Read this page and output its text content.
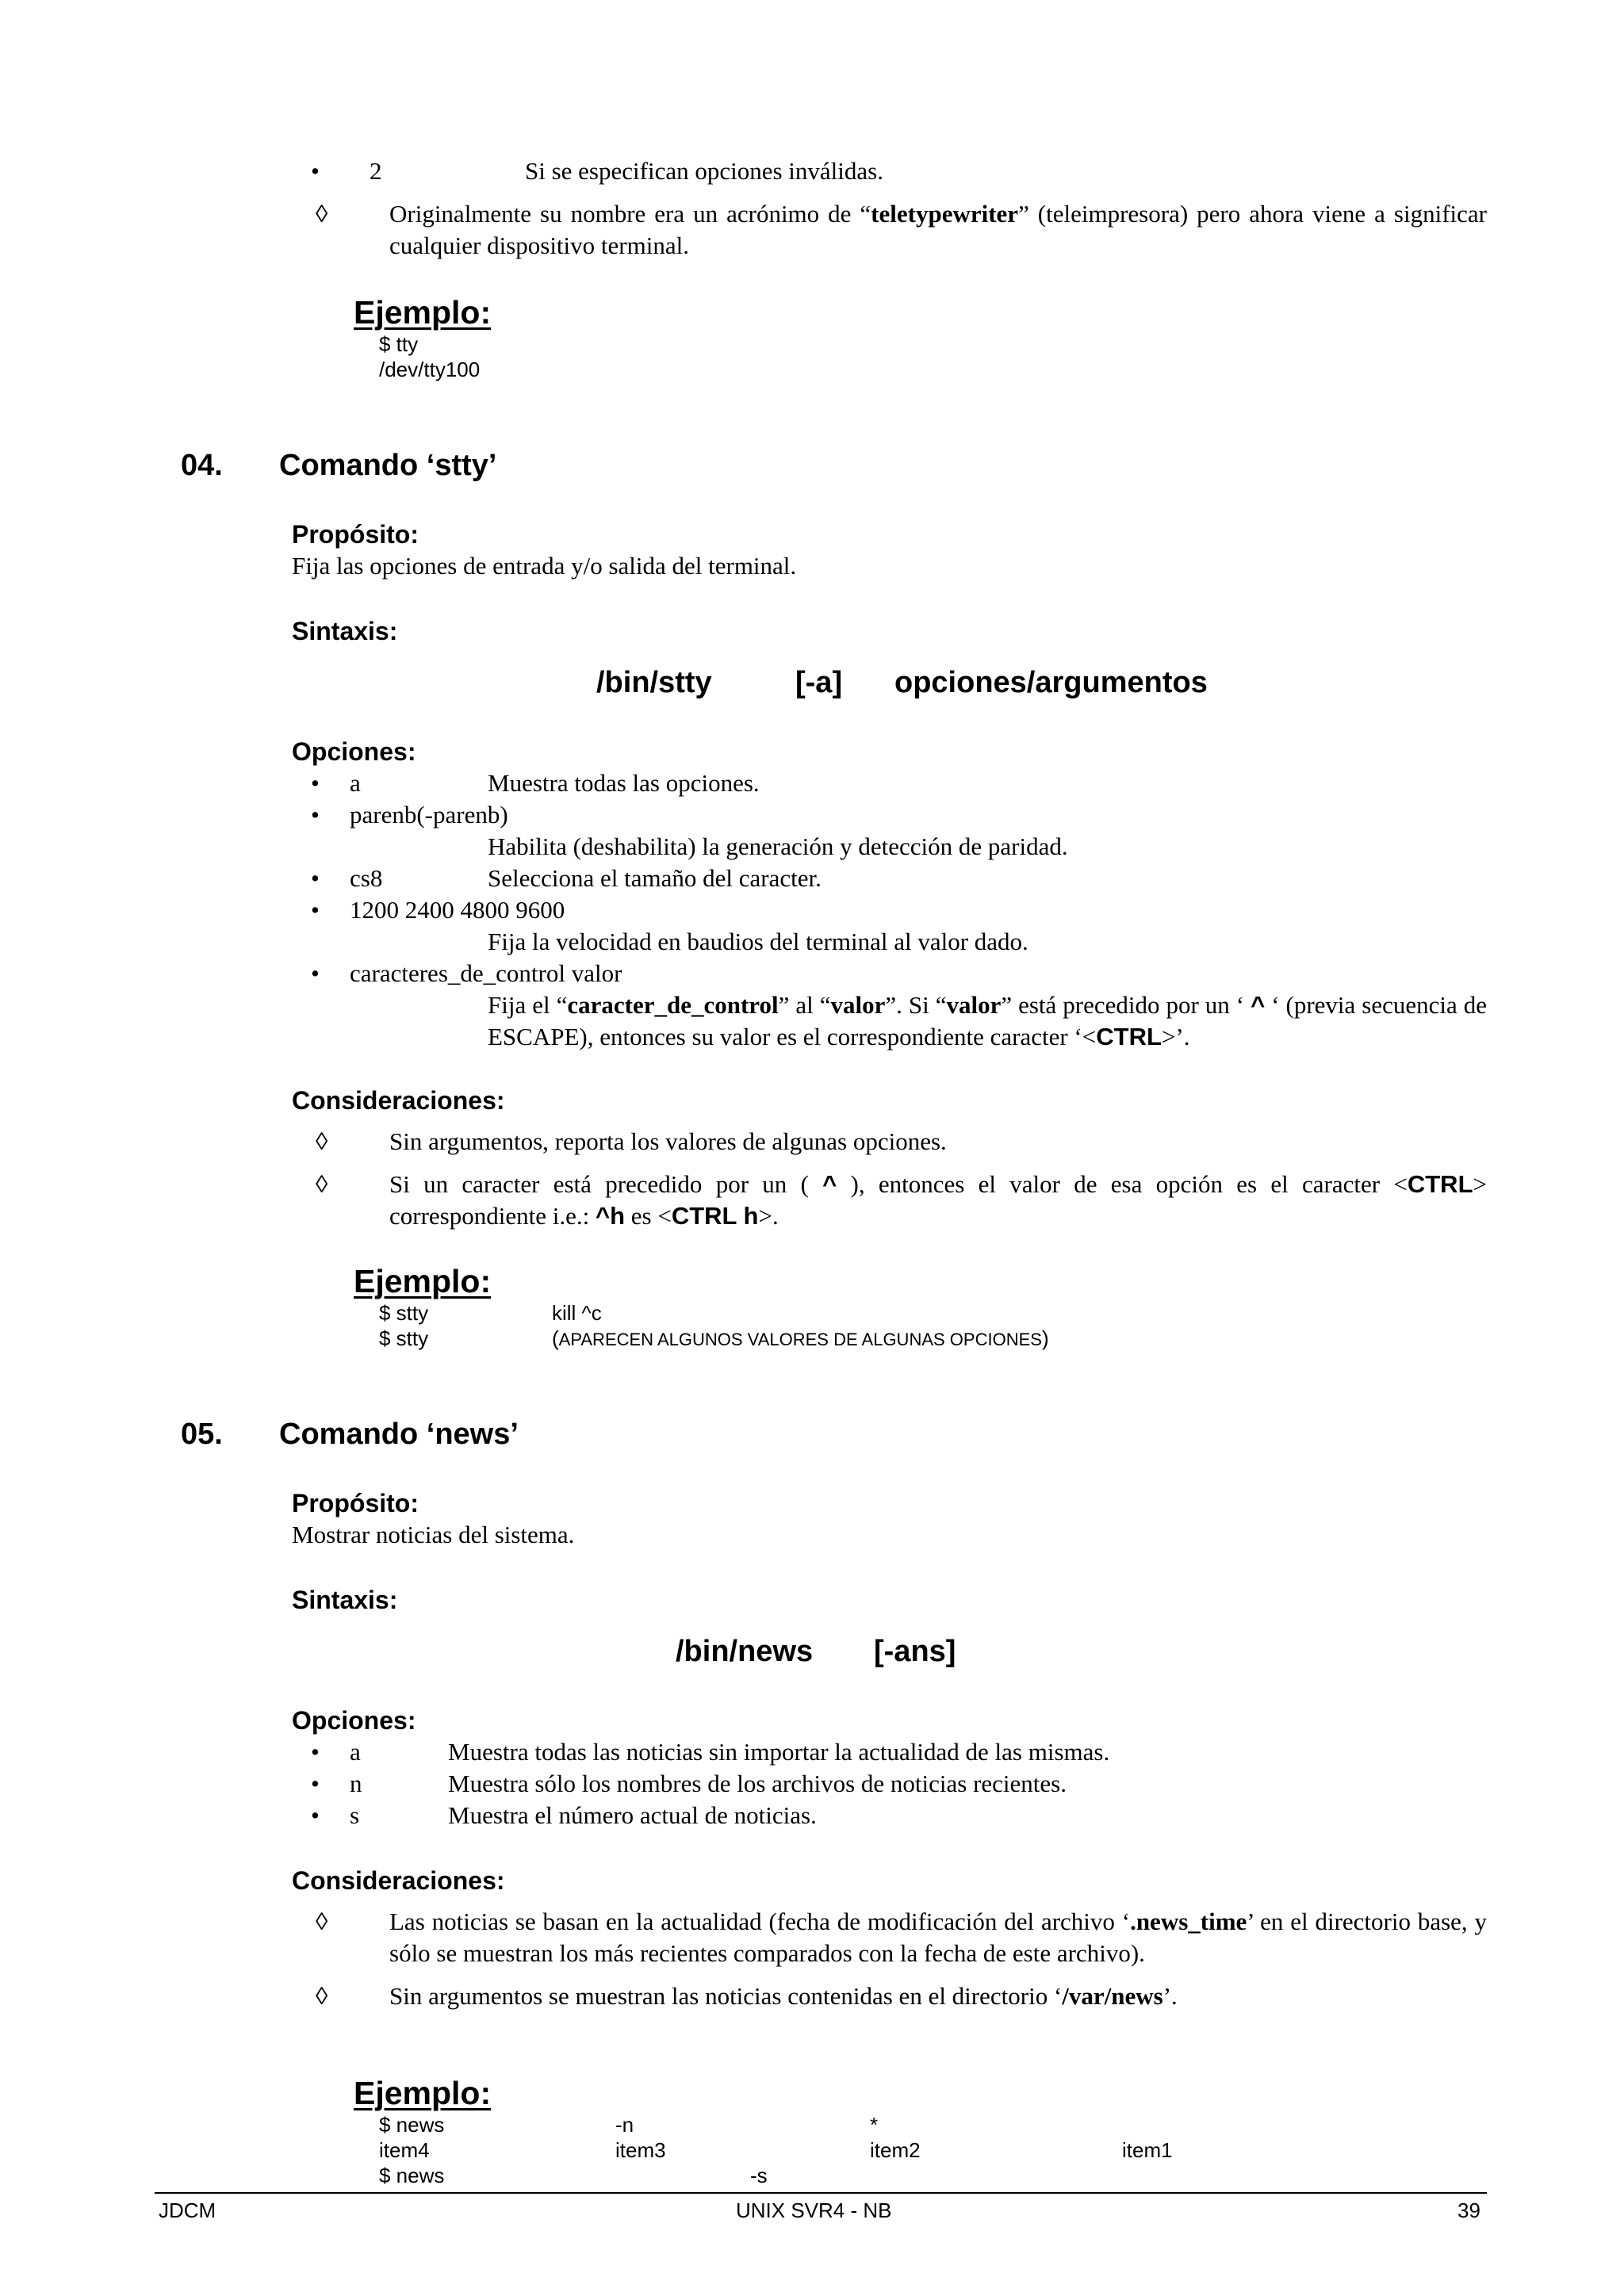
• 2	Si se especifican opciones inválidas.
◊	Originalmente su nombre era un acrónimo de “teletypewriter” (teleimpresora) pero ahora viene a significar cualquier dispositivo terminal.
Ejemplo:
$ tty
/dev/tty100
04. Comando ‘stty’
Propósito:
Fija las opciones de entrada y/o salida del terminal.
Sintaxis:
/bin/stty	[-a] opciones/argumentos
Opciones:
• a	Muestra todas las opciones.
• parenb(-parenb)
Habilita (deshabilita) la generación y detección de paridad.
• cs8	Selecciona el tamaño del caracter.
• 1200 2400 4800 9600
Fija la velocidad en baudios del terminal al valor dado.
• caracteres_de_control valor
Fija el “caracter_de_control” al “valor”. Si “valor” está precedido por un ‘ ^ ‘ (previa secuencia de ESCAPE), entonces su valor es el correspondiente caracter ‘<CTRL>’.
Consideraciones:
◊	Sin argumentos, reporta los valores de algunas opciones.
◊	Si un caracter está precedido por un ( ^ ), entonces el valor de esa opción es el caracter <CTRL> correspondiente i.e.: ^h es <CTRL h>.
Ejemplo:
$ stty	kill ^c
$ stty	(APARECEN ALGUNOS VALORES DE ALGUNAS OPCIONES)
05. Comando ‘news’
Propósito:
Mostrar noticias del sistema.
Sintaxis:
/bin/news [-ans]
Opciones:
• a	Muestra todas las noticias sin importar la actualidad de las mismas.
• n	Muestra sólo los nombres de los archivos de noticias recientes.
• s	Muestra el número actual de noticias.
Consideraciones:
◊	Las noticias se basan en la actualidad (fecha de modificación del archivo ‘.news_time’ en el directorio base, y sólo se muestran los más recientes comparados con la fecha de este archivo).
◊	Sin argumentos se muestran las noticias contenidas en el directorio ‘/var/news’.
Ejemplo:
$ news	-n	*
item4	item3	item2	item1
$ news	-s
JDCM	UNIX SVR4 - NB	39
